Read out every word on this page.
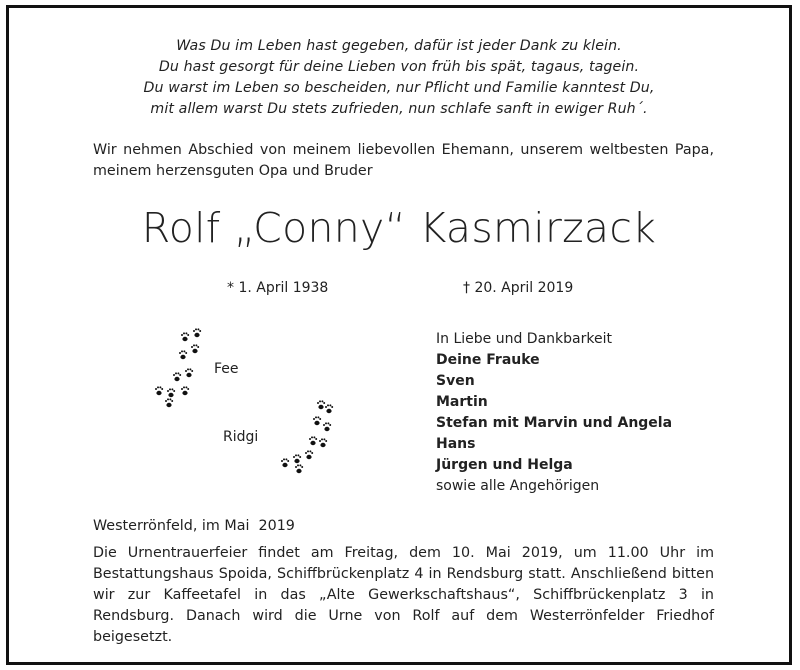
Was Du im Leben hast gegeben, dafür ist jeder Dank zu klein.
Du hast gesorgt für deine Lieben von früh bis spät, tagaus, tagein.
Du warst im Leben so bescheiden, nur Pflicht und Familie kanntest Du,
mit allem warst Du stets zufrieden, nun schlafe sanft in ewiger Ruh´.
Wir nehmen Abschied von meinem liebevollen Ehemann, unserem weltbesten Papa, meinem herzensguten Opa und Bruder
Rolf „Conny“ Kasmirzack
* 1. April 1938	† 20. April 2019
Fee
Ridgi
In Liebe und Dankbarkeit
Deine Frauke
Sven
Martin
Stefan mit Marvin und Angela
Hans
Jürgen und Helga
sowie alle Angehörigen
Westerrönfeld, im Mai  2019
Die Urnentrauerfeier findet am Freitag, dem 10. Mai 2019, um 11.00 Uhr im Bestattungshaus Spoida, Schiffbrückenplatz 4 in Rendsburg statt. Anschließend bitten wir zur Kaffeetafel in das „Alte Gewerkschaftshaus“, Schiffbrückenplatz 3 in Rendsburg. Danach wird die Urne von Rolf auf dem Westerrönfelder Friedhof beigesetzt.
